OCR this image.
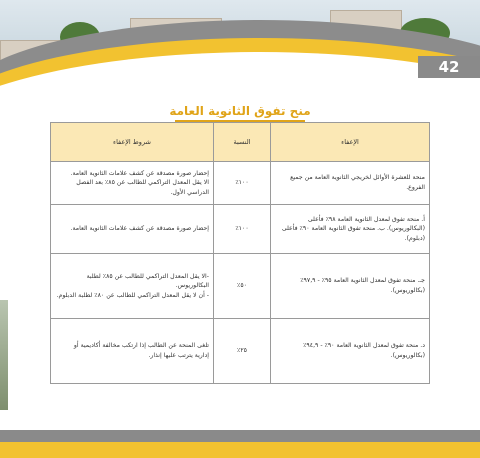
42
منح تفوق الثانوية العامة
الإعفاء	النسبة	شروط الإعفاء
منحة للعشرة الأوائل لخريجي الثانوية العامة من جميع الفروع.	١٠٠٪	إحضار صورة مصدقة عن كشف علامات الثانوية العامة.

الا يقل المعدل التراكمي للطالب عن ٨٥٪ بعد الفصل الدراسي الأول.

أ. منحة تفوق لمعدل الثانوية العامة ٩٨٪ فأعلى (البكالوريوس). ب. منحة تفوق الثانوية العامة ٩٠٪ فأعلى (دبلوم).	١٠٠٪	إحضار صورة مصدقة عن كشف علامات الثانوية العامة.

جـ. منحة تفوق لمعدل الثانوية العامة ٩٥٪ - ٩٧,٩٪ (بكالوريوس).	٥٠٪	-الا يقل المعدل التراكمي للطالب عن ٨٥٪ لطلبة البكالوريوس.

- أن لا يقل المعدل التراكمي للطالب عن ٨٠٪ لطلبة الدبلوم.

د. منحة تفوق لمعدل الثانوية العامة ٩٠٪ - ٩٤,٩٪ (بكالوريوس).	٢٥٪	تلغى المنحة عن الطالب إذا ارتكب مخالفة أكاديمية أو

إدارية يترتب عليها إنذار.
